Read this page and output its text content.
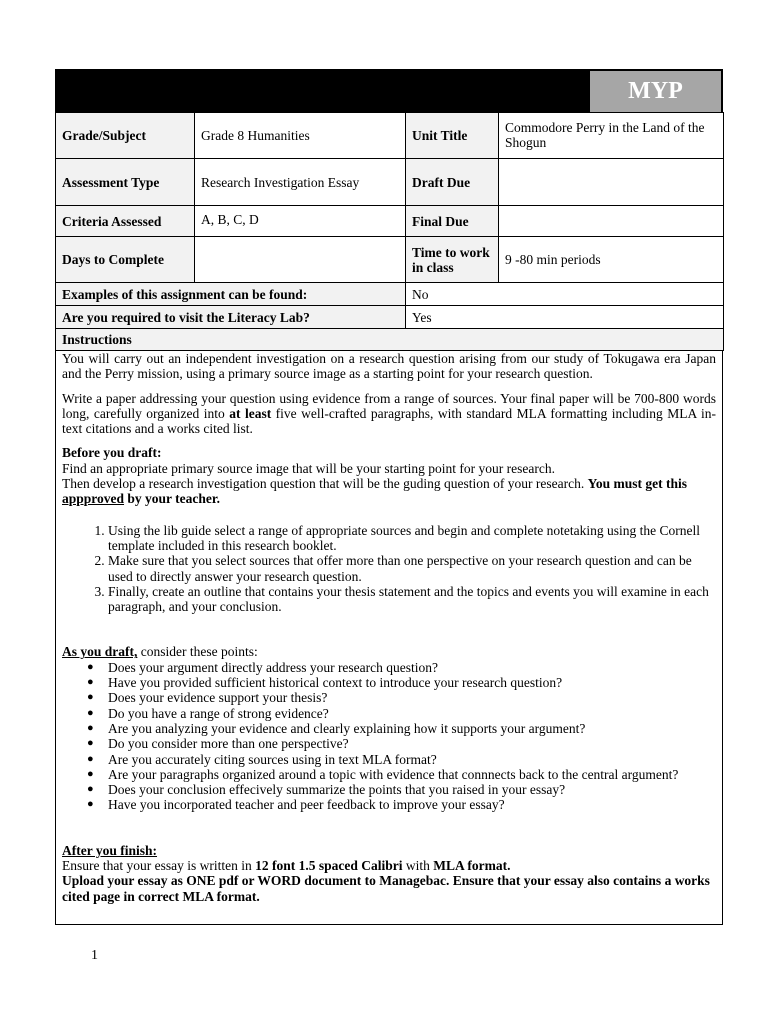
MYP
Grade/Subject	Grade 8 Humanities	Unit Title	Commodore Perry in the Land of the Shogun
Assessment Type	Research Investigation Essay	Draft Due	
Criteria Assessed	A, B, C, D	Final Due	
Days to Complete		Time to work in class	9 -80 min periods
Examples of this assignment can be found:		No	
Are you required to visit the Literacy Lab?		Yes	
Instructions			

You will carry out an independent investigation on a research question arising from our study of Tokugawa era Japan and the Perry mission, using a primary source image as a starting point for your research question.

Write a paper addressing your question using evidence from a range of sources. Your final paper will be 700-800 words long, carefully organized into at least five well-crafted paragraphs, with standard MLA formatting including MLA in-text citations and a works cited list.

Before you draft:

Find an appropriate primary source image that will be your starting point for your research.

Then develop a research investigation question that will be the guding question of your research. You must get this appproved by your teacher.

1. Using the lib guide select a range of appropriate sources and begin and complete notetaking using the Cornell template included in this research booklet.
2. Make sure that you select sources that offer more than one perspective on your research question and can be used to directly answer your research question.
3. Finally, create an outline that contains your thesis statement and the topics and events you will examine in each paragraph, and your conclusion.

As you draft, consider these points:

● Does your argument directly address your research question?
● Have you provided sufficient historical context to introduce your research question?
● Does your evidence support your thesis?
● Do you have a range of strong evidence?
● Are you analyzing your evidence and clearly explaining how it supports your argument?
● Do you consider more than one perspective?
● Are you accurately citing sources using in text MLA format?
● Are your paragraphs organized around a topic with evidence that connnects back to the central argument?
● Does your conclusion effecively summarize the points that you raised in your essay?
● Have you incorporated teacher and peer feedback to improve your essay?

After you finish:

Ensure that your essay is written in 12 font 1.5 spaced Calibri with MLA format.

Upload your essay as ONE pdf or WORD document to Managebac. Ensure that your essay also contains a works cited page in correct MLA format.

1
